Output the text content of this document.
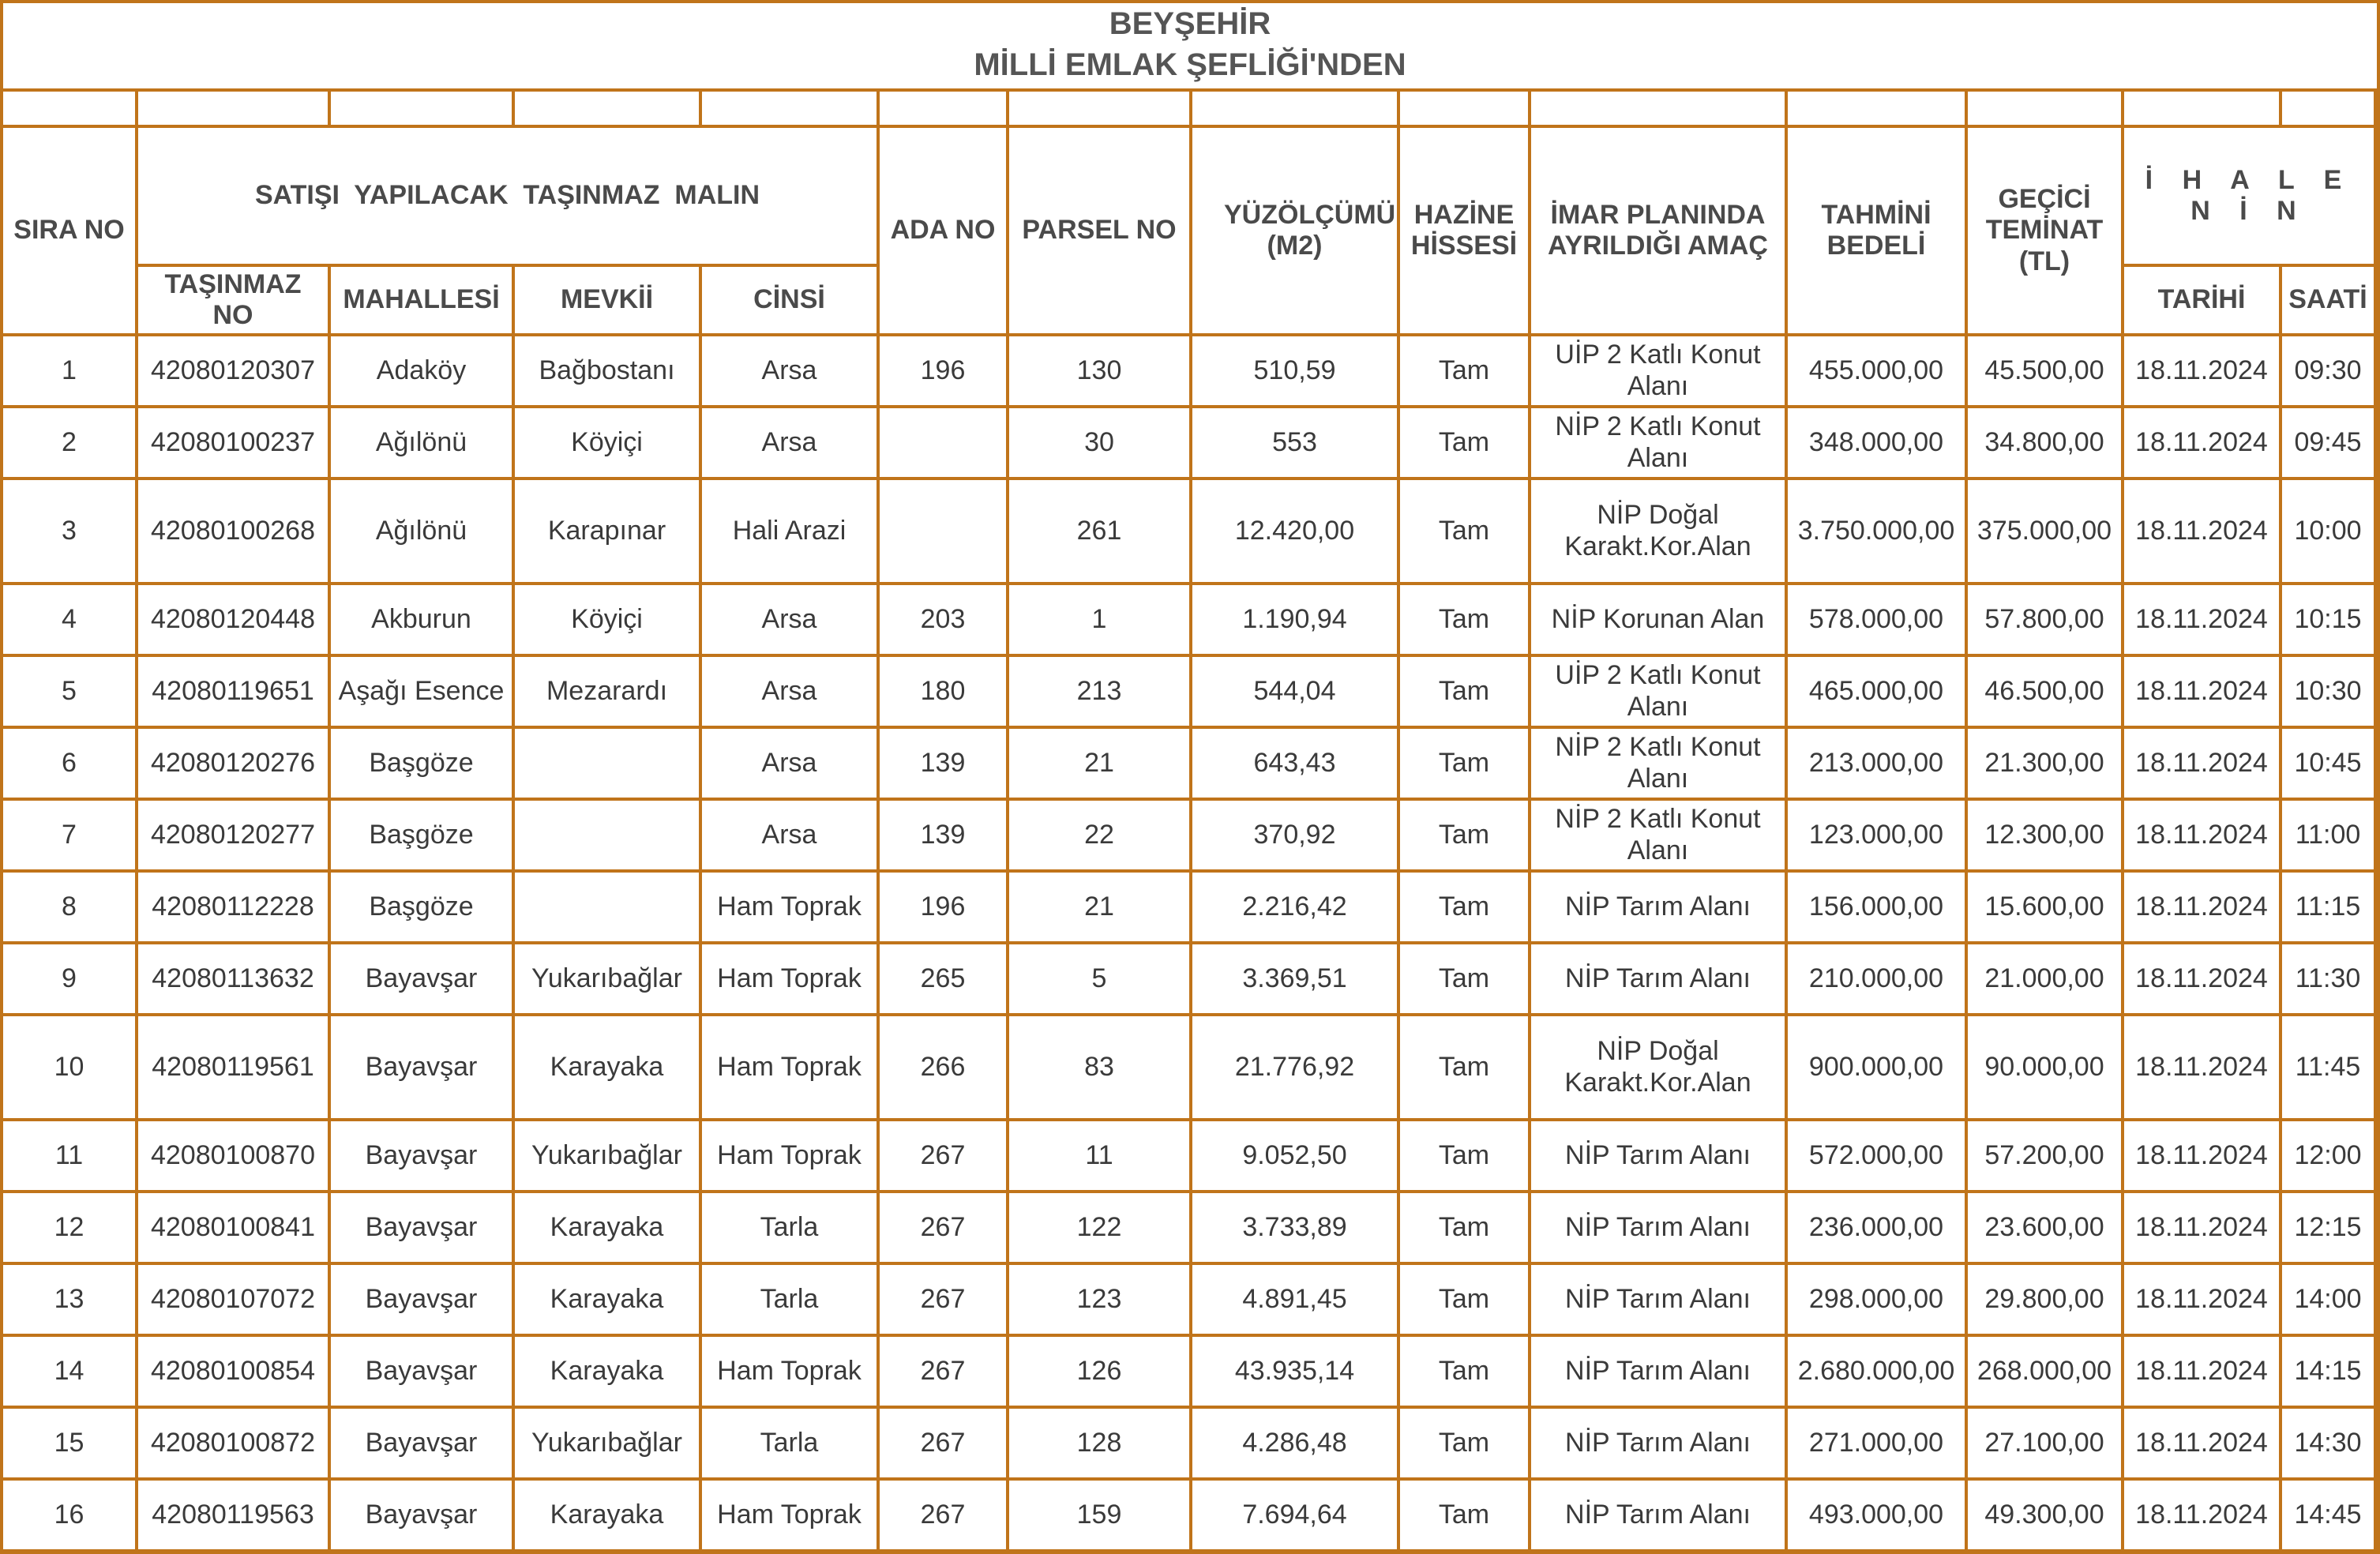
BEYŞEHİR
MİLLİ EMLAK ŞEFLİĞİ'NDEN

SIRA NO	SATIŞI  YAPILACAK  TAŞINMAZ  MALIN				ADA NO	PARSEL NO	YÜZÖLÇÜMÜ (M2)	HAZİNE HİSSESİ	İMAR PLANINDA AYRILDIĞI AMAÇ	TAHMİNİ BEDELİ	GEÇİCİ TEMİNAT (TL)	İ H A L E N İ N	
	TAŞINMAZ NO	MAHALLESİ	MEVKİİ	CİNSİ								TARİHİ	SAATİ
1	42080120307	Adaköy	Bağbostanı	Arsa	196	130	510,59	Tam	UİP 2 Katlı Konut Alanı	455.000,00	45.500,00	18.11.2024	09:30
2	42080100237	Ağılönü	Köyiçi	Arsa		30	553	Tam	NİP 2 Katlı Konut Alanı	348.000,00	34.800,00	18.11.2024	09:45
3	42080100268	Ağılönü	Karapınar	Hali Arazi		261	12.420,00	Tam	NİP Doğal Karakt.Kor.Alan	3.750.000,00	375.000,00	18.11.2024	10:00
4	42080120448	Akburun	Köyiçi	Arsa	203	1	1.190,94	Tam	NİP Korunan Alan	578.000,00	57.800,00	18.11.2024	10:15
5	42080119651	Aşağı Esence	Mezarardı	Arsa	180	213	544,04	Tam	UİP 2 Katlı Konut Alanı	465.000,00	46.500,00	18.11.2024	10:30
6	42080120276	Başgöze		Arsa	139	21	643,43	Tam	NİP 2 Katlı Konut Alanı	213.000,00	21.300,00	18.11.2024	10:45
7	42080120277	Başgöze		Arsa	139	22	370,92	Tam	NİP 2 Katlı Konut Alanı	123.000,00	12.300,00	18.11.2024	11:00
8	42080112228	Başgöze		Ham Toprak	196	21	2.216,42	Tam	NİP Tarım Alanı	156.000,00	15.600,00	18.11.2024	11:15
9	42080113632	Bayavşar	Yukarıbağlar	Ham Toprak	265	5	3.369,51	Tam	NİP Tarım Alanı	210.000,00	21.000,00	18.11.2024	11:30
10	42080119561	Bayavşar	Karayaka	Ham Toprak	266	83	21.776,92	Tam	NİP Doğal Karakt.Kor.Alan	900.000,00	90.000,00	18.11.2024	11:45
11	42080100870	Bayavşar	Yukarıbağlar	Ham Toprak	267	11	9.052,50	Tam	NİP Tarım Alanı	572.000,00	57.200,00	18.11.2024	12:00
12	42080100841	Bayavşar	Karayaka	Tarla	267	122	3.733,89	Tam	NİP Tarım Alanı	236.000,00	23.600,00	18.11.2024	12:15
13	42080107072	Bayavşar	Karayaka	Tarla	267	123	4.891,45	Tam	NİP Tarım Alanı	298.000,00	29.800,00	18.11.2024	14:00
14	42080100854	Bayavşar	Karayaka	Ham Toprak	267	126	43.935,14	Tam	NİP Tarım Alanı	2.680.000,00	268.000,00	18.11.2024	14:15
15	42080100872	Bayavşar	Yukarıbağlar	Tarla	267	128	4.286,48	Tam	NİP Tarım Alanı	271.000,00	27.100,00	18.11.2024	14:30
16	42080119563	Bayavşar	Karayaka	Ham Toprak	267	159	7.694,64	Tam	NİP Tarım Alanı	493.000,00	49.300,00	18.11.2024	14:45
